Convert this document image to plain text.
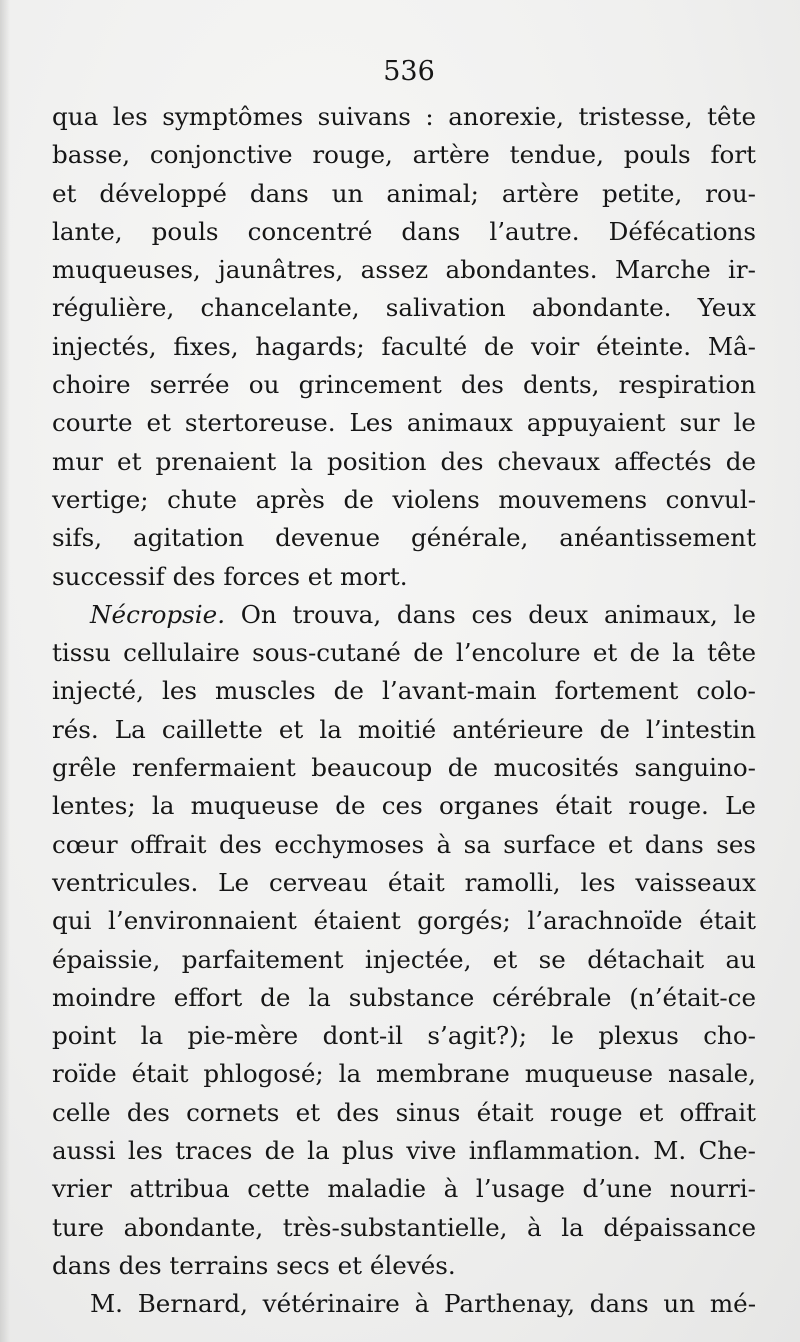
536
qua les symptômes suivans : anorexie, tristesse, tête
basse, conjonctive rouge, artère tendue, pouls fort
et développé dans un animal; artère petite, rou-
lante, pouls concentré dans l’autre. Défécations
muqueuses, jaunâtres, assez abondantes. Marche ir-
régulière, chancelante, salivation abondante. Yeux
injectés, fixes, hagards; faculté de voir éteinte. Mâ-
choire serrée ou grincement des dents, respiration
courte et stertoreuse. Les animaux appuyaient sur le
mur et prenaient la position des chevaux affectés de
vertige; chute après de violens mouvemens convul-
sifs, agitation devenue générale, anéantissement
successif des forces et mort.
Nécropsie. On trouva, dans ces deux animaux, le
tissu cellulaire sous-cutané de l’encolure et de la tête
injecté, les muscles de l’avant-main fortement colo-
rés. La caillette et la moitié antérieure de l’intestin
grêle renfermaient beaucoup de mucosités sanguino-
lentes; la muqueuse de ces organes était rouge. Le
cœur offrait des ecchymoses à sa surface et dans ses
ventricules. Le cerveau était ramolli, les vaisseaux
qui l’environnaient étaient gorgés; l’arachnoïde était
épaissie, parfaitement injectée, et se détachait au
moindre effort de la substance cérébrale (n’était-ce
point la pie-mère dont-il s’agit?); le plexus cho-
roïde était phlogosé; la membrane muqueuse nasale,
celle des cornets et des sinus était rouge et offrait
aussi les traces de la plus vive inflammation. M. Che-
vrier attribua cette maladie à l’usage d’une nourri-
ture abondante, très-substantielle, à la dépaissance
dans des terrains secs et élevés.
M. Bernard, vétérinaire à Parthenay, dans un mé-
